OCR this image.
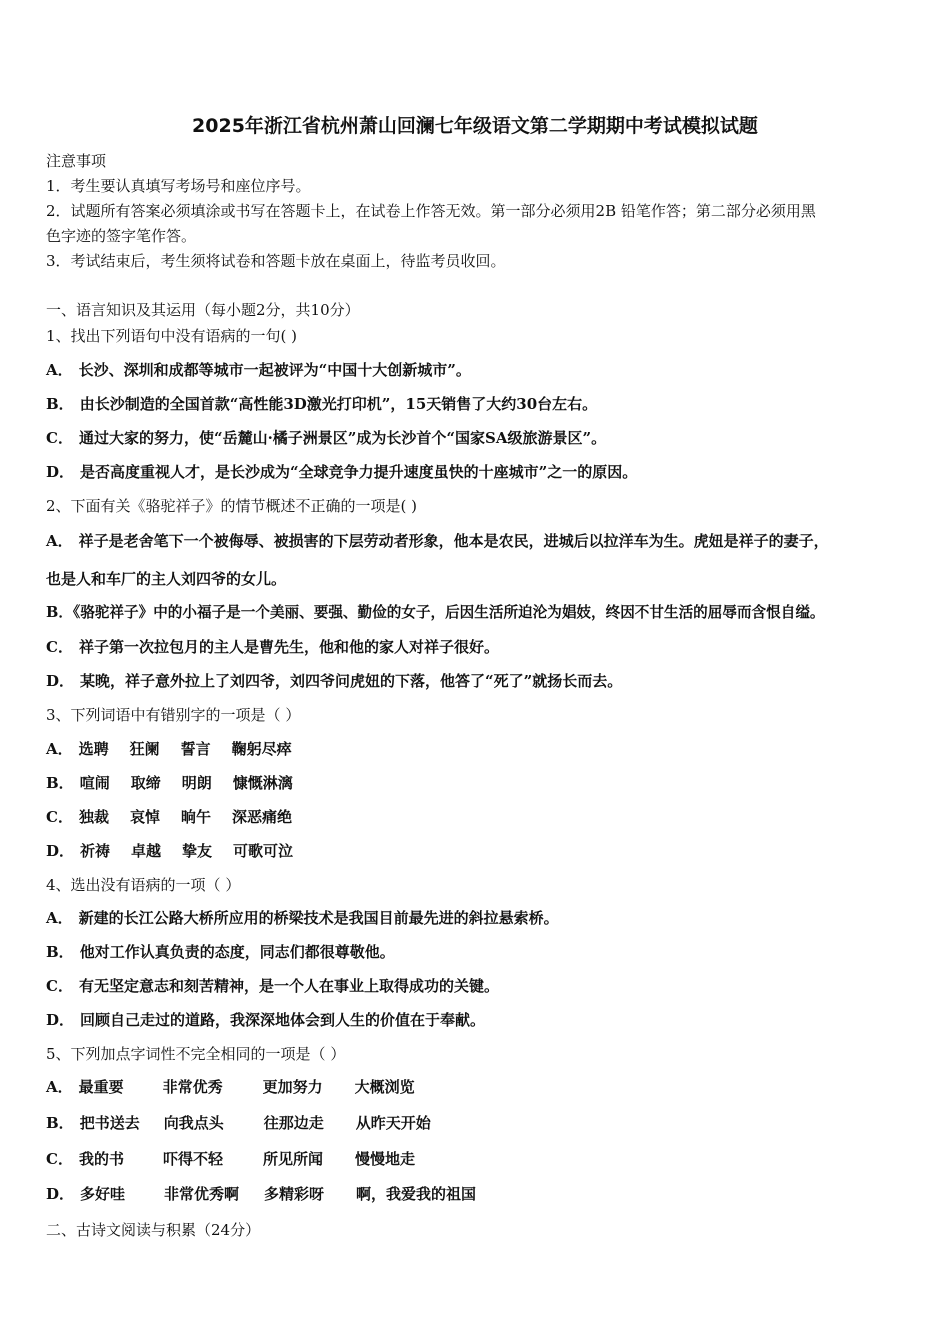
2025年浙江省杭州萧山回澜七年级语文第二学期期中考试模拟试题
注意事项
1．考生要认真填写考场号和座位序号。
2．试题所有答案必须填涂或书写在答题卡上，在试卷上作答无效。第一部分必须用2B 铅笔作答；第二部分必须用黑
色字迹的签字笔作答。
3．考试结束后，考生须将试卷和答题卡放在桌面上，待监考员收回。
一、语言知识及其运用（每小题2分，共10分）
1、找出下列语句中没有语病的一句( )
A． 长沙、深圳和成都等城市一起被评为“中国十大创新城市”。
B． 由长沙制造的全国首款“高性能3D激光打印机”，15天销售了大约30台左右。
C． 通过大家的努力，使“岳麓山·橘子洲景区”成为长沙首个“国家SA级旅游景区”。
D． 是否高度重视人才，是长沙成为“全球竞争力提升速度虽快的十座城市”之一的原因。
2、下面有关《骆驼祥子》的情节概述不正确的一项是( )
A． 祥子是老舍笔下一个被侮辱、被损害的下层劳动者形象，他本是农民，进城后以拉洋车为生。虎妞是祥子的妻子，
也是人和车厂的主人刘四爷的女儿。
B．《骆驼祥子》中的小福子是一个美丽、要强、勤俭的女子，后因生活所迫沦为娼妓，终因不甘生活的屈辱而含恨自缢。
C． 祥子第一次拉包月的主人是曹先生，他和他的家人对祥子很好。
D． 某晚，祥子意外拉上了刘四爷，刘四爷问虎妞的下落，他答了“死了”就扬长而去。
3、下列词语中有错别字的一项是（ ）
A． 选聘 狂阑 誓言 鞠躬尽瘁
B． 喧闹 取缔 明朗 慷慨淋漓
C． 独裁 哀悼 晌午 深恶痛绝
D． 祈祷 卓越 挚友 可歌可泣
4、选出没有语病的一项（ ）
A． 新建的长江公路大桥所应用的桥梁技术是我国目前最先进的斜拉悬索桥。
B． 他对工作认真负责的态度，同志们都很尊敬他。
C． 有无坚定意志和刻苦精神，是一个人在事业上取得成功的关键。
D． 回顾自己走过的道路，我深深地体会到人生的价值在于奉献。
5、下列加点字词性不完全相同的一项是（ ）
A． 最重要	非常优秀	更加努力 大概浏览
B． 把书送去 向我点头	往那边走 从昨天开始
C． 我的书	吓得不轻	所见所闻 慢慢地走
D． 多好哇	非常优秀啊 多精彩呀 啊，我爱我的祖国
二、古诗文阅读与积累（24分）
